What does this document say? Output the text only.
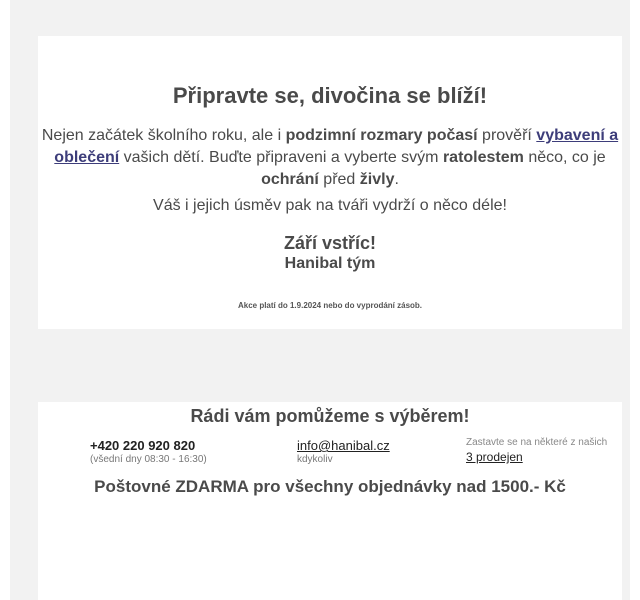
Připravte se, divočina se blíží!

Nejen začátek školního roku, ale i podzimní rozmary počasí prověří vybavení a oblečení vašich dětí. Buďte připraveni a vyberte svým ratolestem něco, co je ochrání před živly.

Váš i jejich úsměv pak na tváři vydrží o něco déle!

Září vstříc!

Hanibal tým

Akce platí do 1.9.2024 nebo do vyprodání zásob.

Rádi vám pomůžeme s výběrem!

+420 220 920 820
(všední dny 08:30 - 16:30)
info@hanibal.cz
kdykoliv
Zastavte se na některé z našich
3 prodejen

Poštovné ZDARMA pro všechny objednávky nad 1500.- Kč
